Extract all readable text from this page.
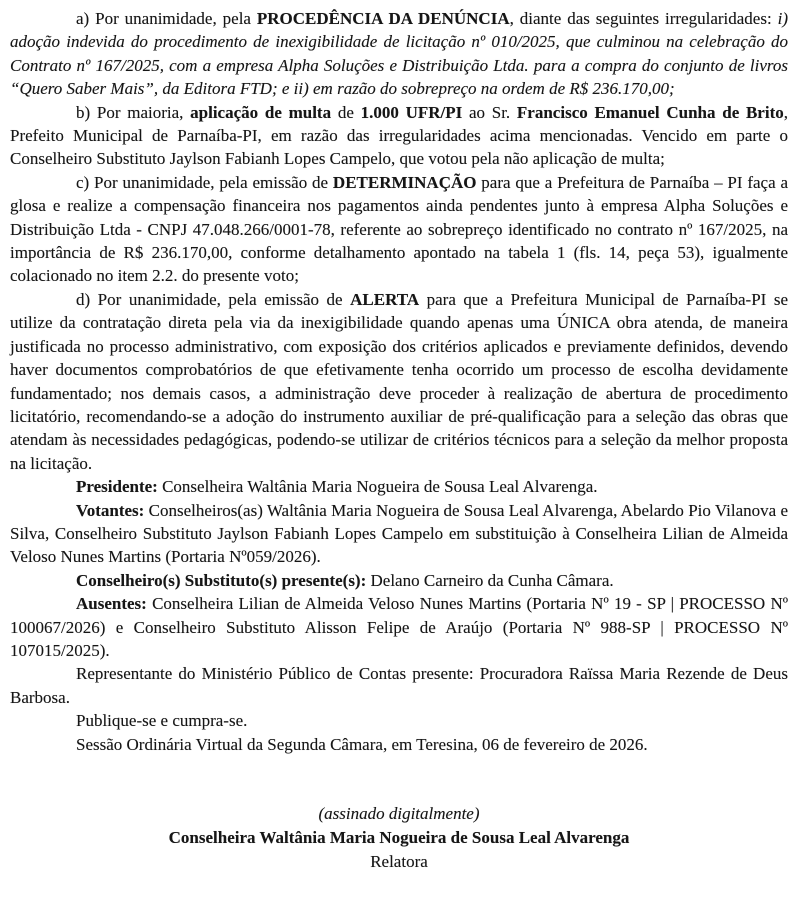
a) Por unanimidade, pela PROCEDÊNCIA DA DENÚNCIA, diante das seguintes irregularidades: i) adoção indevida do procedimento de inexigibilidade de licitação nº 010/2025, que culminou na celebração do Contrato nº 167/2025, com a empresa Alpha Soluções e Distribuição Ltda. para a compra do conjunto de livros “Quero Saber Mais”, da Editora FTD; e ii) em razão do sobrepreço na ordem de R$ 236.170,00;

b) Por maioria, aplicação de multa de 1.000 UFR/PI ao Sr. Francisco Emanuel Cunha de Brito, Prefeito Municipal de Parnaíba-PI, em razão das irregularidades acima mencionadas. Vencido em parte o Conselheiro Substituto Jaylson Fabianh Lopes Campelo, que votou pela não aplicação de multa;

c) Por unanimidade, pela emissão de DETERMINAÇÃO para que a Prefeitura de Parnaíba – PI faça a glosa e realize a compensação financeira nos pagamentos ainda pendentes junto à empresa Alpha Soluções e Distribuição Ltda - CNPJ 47.048.266/0001-78, referente ao sobrepreço identificado no contrato nº 167/2025, na importância de R$ 236.170,00, conforme detalhamento apontado na tabela 1 (fls. 14, peça 53), igualmente colacionado no item 2.2. do presente voto;

d) Por unanimidade, pela emissão de ALERTA para que a Prefeitura Municipal de Parnaíba-PI se utilize da contratação direta pela via da inexigibilidade quando apenas uma ÚNICA obra atenda, de maneira justificada no processo administrativo, com exposição dos critérios aplicados e previamente definidos, devendo haver documentos comprobatórios de que efetivamente tenha ocorrido um processo de escolha devidamente fundamentado; nos demais casos, a administração deve proceder à realização de abertura de procedimento licitatório, recomendando-se a adoção do instrumento auxiliar de pré-qualificação para a seleção das obras que atendam às necessidades pedagógicas, podendo-se utilizar de critérios técnicos para a seleção da melhor proposta na licitação.

Presidente: Conselheira Waltânia Maria Nogueira de Sousa Leal Alvarenga.

Votantes: Conselheiros(as) Waltânia Maria Nogueira de Sousa Leal Alvarenga, Abelardo Pio Vilanova e Silva, Conselheiro Substituto Jaylson Fabianh Lopes Campelo em substituição à Conselheira Lilian de Almeida Veloso Nunes Martins (Portaria Nº059/2026).

Conselheiro(s) Substituto(s) presente(s): Delano Carneiro da Cunha Câmara.

Ausentes: Conselheira Lilian de Almeida Veloso Nunes Martins (Portaria Nº 19 - SP | PROCESSO Nº 100067/2026) e Conselheiro Substituto Alisson Felipe de Araújo (Portaria Nº 988-SP | PROCESSO Nº 107015/2025).

Representante do Ministério Público de Contas presente: Procuradora Raïssa Maria Rezende de Deus Barbosa.

Publique-se e cumpra-se.

Sessão Ordinária Virtual da Segunda Câmara, em Teresina, 06 de fevereiro de 2026.

(assinado digitalmente)
Conselheira Waltânia Maria Nogueira de Sousa Leal Alvarenga
Relatora
